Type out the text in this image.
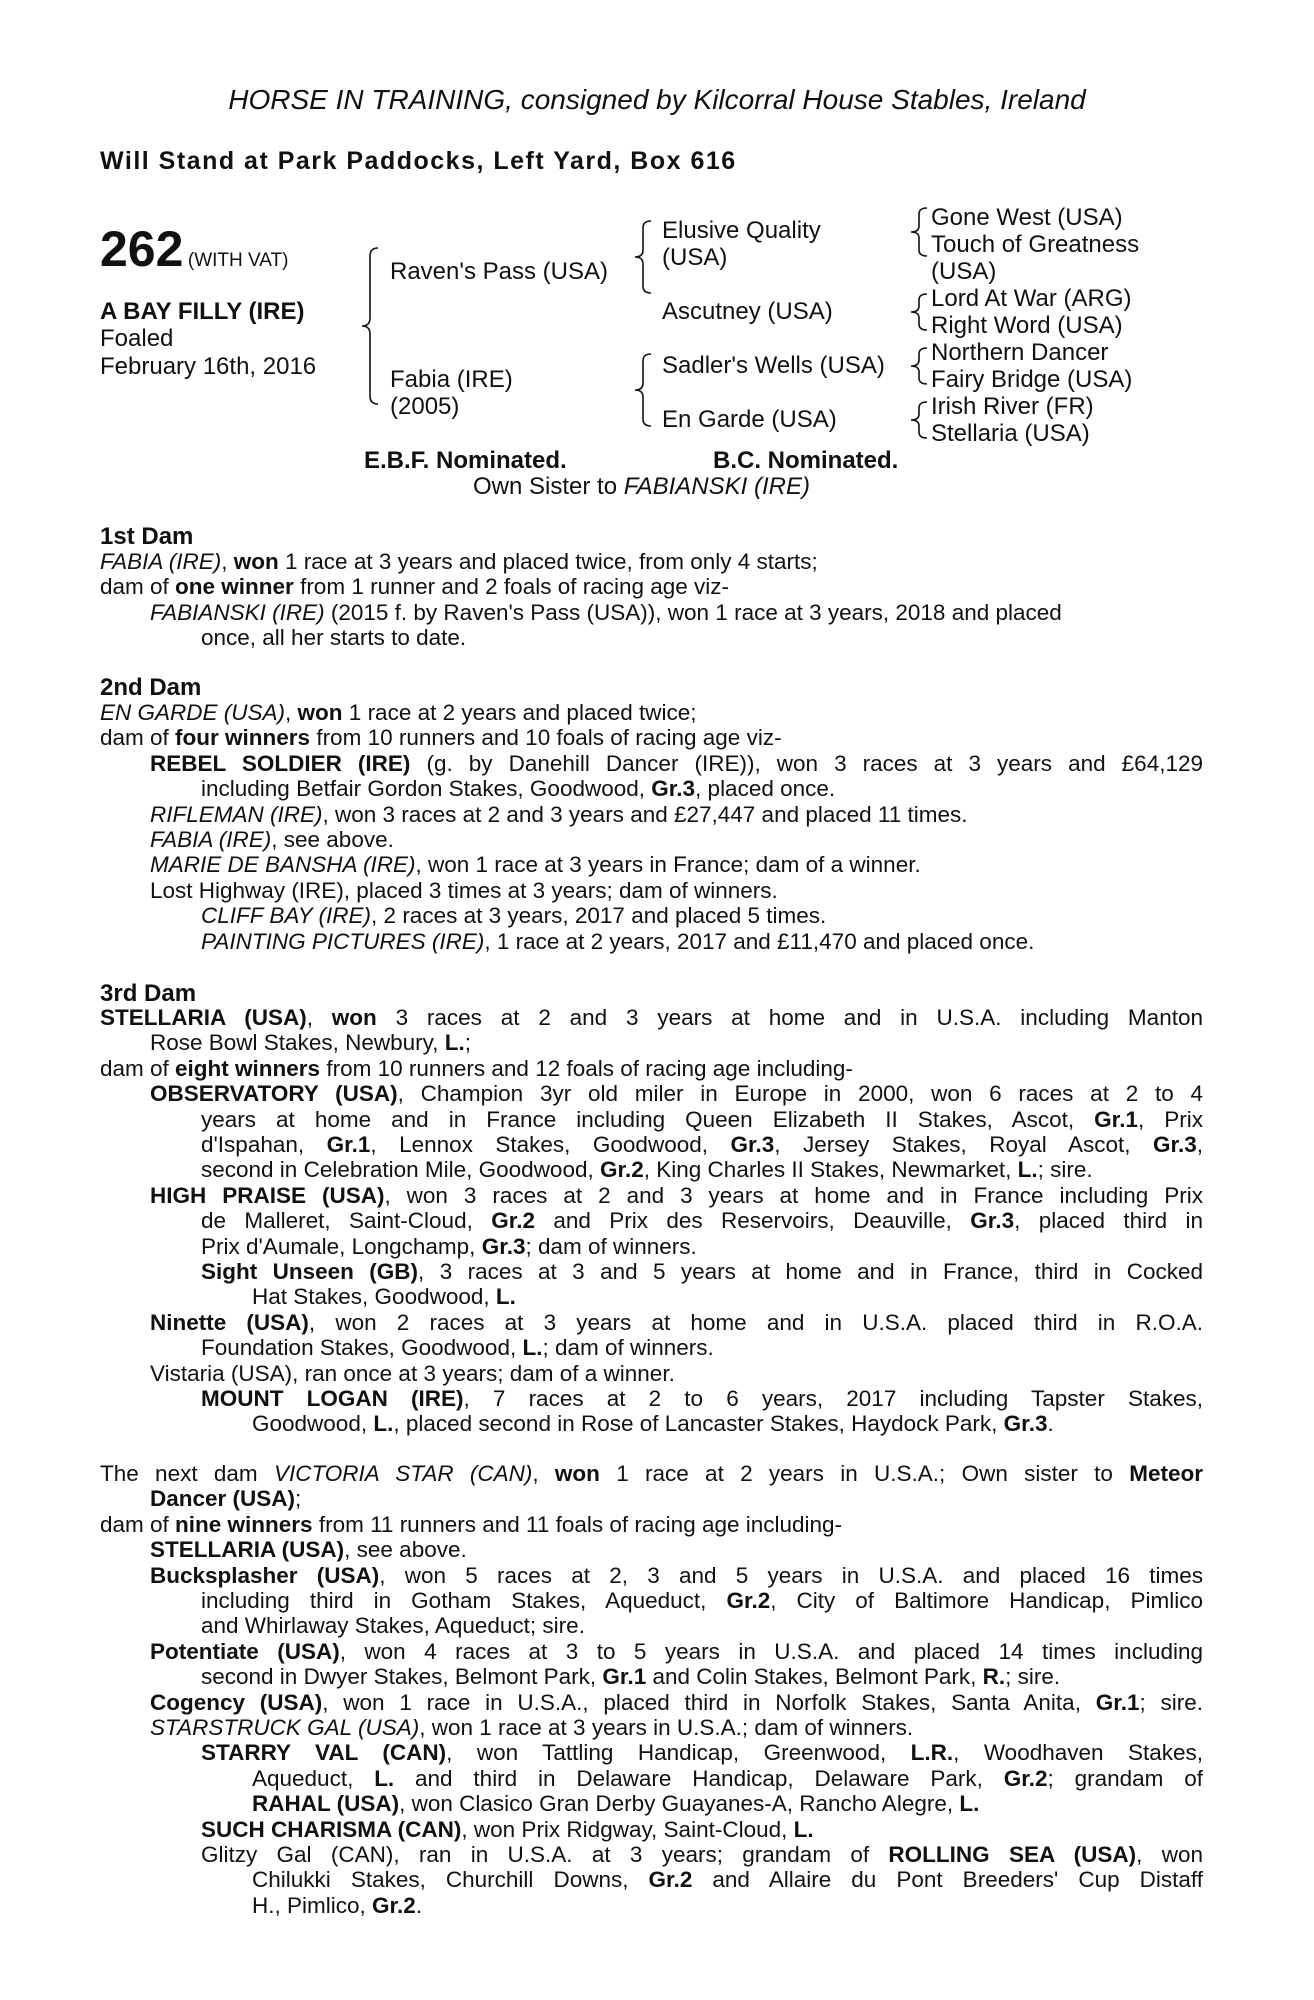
HORSE IN TRAINING, consigned by Kilcorral House Stables, Ireland
Will Stand at Park Paddocks, Left Yard, Box 616
262 (WITH VAT)
A BAY FILLY (IRE)
Foaled
February 16th, 2016
Raven's Pass (USA)
Fabia (IRE)
(2005)
Elusive Quality
(USA)
Ascutney (USA)
Sadler's Wells (USA)
En Garde (USA)
Gone West (USA)
Touch of Greatness
(USA)
Lord At War (ARG)
Right Word (USA)
Northern Dancer
Fairy Bridge (USA)
Irish River (FR)
Stellaria (USA)
E.B.F. Nominated.	B.C. Nominated.
Own Sister to FABIANSKI (IRE)
1st Dam
FABIA (IRE), won 1 race at 3 years and placed twice, from only 4 starts;
dam of one winner from 1 runner and 2 foals of racing age viz-
FABIANSKI (IRE) (2015 f. by Raven's Pass (USA)), won 1 race at 3 years, 2018 and placed
once, all her starts to date.
2nd Dam
EN GARDE (USA), won 1 race at 2 years and placed twice;
dam of four winners from 10 runners and 10 foals of racing age viz-
REBEL SOLDIER (IRE) (g. by Danehill Dancer (IRE)), won 3 races at 3 years and £64,129
including Betfair Gordon Stakes, Goodwood, Gr.3, placed once.
RIFLEMAN (IRE), won 3 races at 2 and 3 years and £27,447 and placed 11 times.
FABIA (IRE), see above.
MARIE DE BANSHA (IRE), won 1 race at 3 years in France; dam of a winner.
Lost Highway (IRE), placed 3 times at 3 years; dam of winners.
CLIFF BAY (IRE), 2 races at 3 years, 2017 and placed 5 times.
PAINTING PICTURES (IRE), 1 race at 2 years, 2017 and £11,470 and placed once.
3rd Dam
STELLARIA (USA), won 3 races at 2 and 3 years at home and in U.S.A. including Manton
Rose Bowl Stakes, Newbury, L.;
dam of eight winners from 10 runners and 12 foals of racing age including-
OBSERVATORY (USA), Champion 3yr old miler in Europe in 2000, won 6 races at 2 to 4
years at home and in France including Queen Elizabeth II Stakes, Ascot, Gr.1, Prix
d'Ispahan, Gr.1, Lennox Stakes, Goodwood, Gr.3, Jersey Stakes, Royal Ascot, Gr.3,
second in Celebration Mile, Goodwood, Gr.2, King Charles II Stakes, Newmarket, L.; sire.
HIGH PRAISE (USA), won 3 races at 2 and 3 years at home and in France including Prix
de Malleret, Saint-Cloud, Gr.2 and Prix des Reservoirs, Deauville, Gr.3, placed third in
Prix d'Aumale, Longchamp, Gr.3; dam of winners.
Sight Unseen (GB), 3 races at 3 and 5 years at home and in France, third in Cocked
Hat Stakes, Goodwood, L.
Ninette (USA), won 2 races at 3 years at home and in U.S.A. placed third in R.O.A.
Foundation Stakes, Goodwood, L.; dam of winners.
Vistaria (USA), ran once at 3 years; dam of a winner.
MOUNT LOGAN (IRE), 7 races at 2 to 6 years, 2017 including Tapster Stakes,
Goodwood, L., placed second in Rose of Lancaster Stakes, Haydock Park, Gr.3.
The next dam VICTORIA STAR (CAN), won 1 race at 2 years in U.S.A.; Own sister to Meteor
Dancer (USA);
dam of nine winners from 11 runners and 11 foals of racing age including-
STELLARIA (USA), see above.
Bucksplasher (USA), won 5 races at 2, 3 and 5 years in U.S.A. and placed 16 times
including third in Gotham Stakes, Aqueduct, Gr.2, City of Baltimore Handicap, Pimlico
and Whirlaway Stakes, Aqueduct; sire.
Potentiate (USA), won 4 races at 3 to 5 years in U.S.A. and placed 14 times including
second in Dwyer Stakes, Belmont Park, Gr.1 and Colin Stakes, Belmont Park, R.; sire.
Cogency (USA), won 1 race in U.S.A., placed third in Norfolk Stakes, Santa Anita, Gr.1; sire.
STARSTRUCK GAL (USA), won 1 race at 3 years in U.S.A.; dam of winners.
STARRY VAL (CAN), won Tattling Handicap, Greenwood, L.R., Woodhaven Stakes,
Aqueduct, L. and third in Delaware Handicap, Delaware Park, Gr.2; grandam of
RAHAL (USA), won Clasico Gran Derby Guayanes-A, Rancho Alegre, L.
SUCH CHARISMA (CAN), won Prix Ridgway, Saint-Cloud, L.
Glitzy Gal (CAN), ran in U.S.A. at 3 years; grandam of ROLLING SEA (USA), won
Chilukki Stakes, Churchill Downs, Gr.2 and Allaire du Pont Breeders' Cup Distaff
H., Pimlico, Gr.2.
